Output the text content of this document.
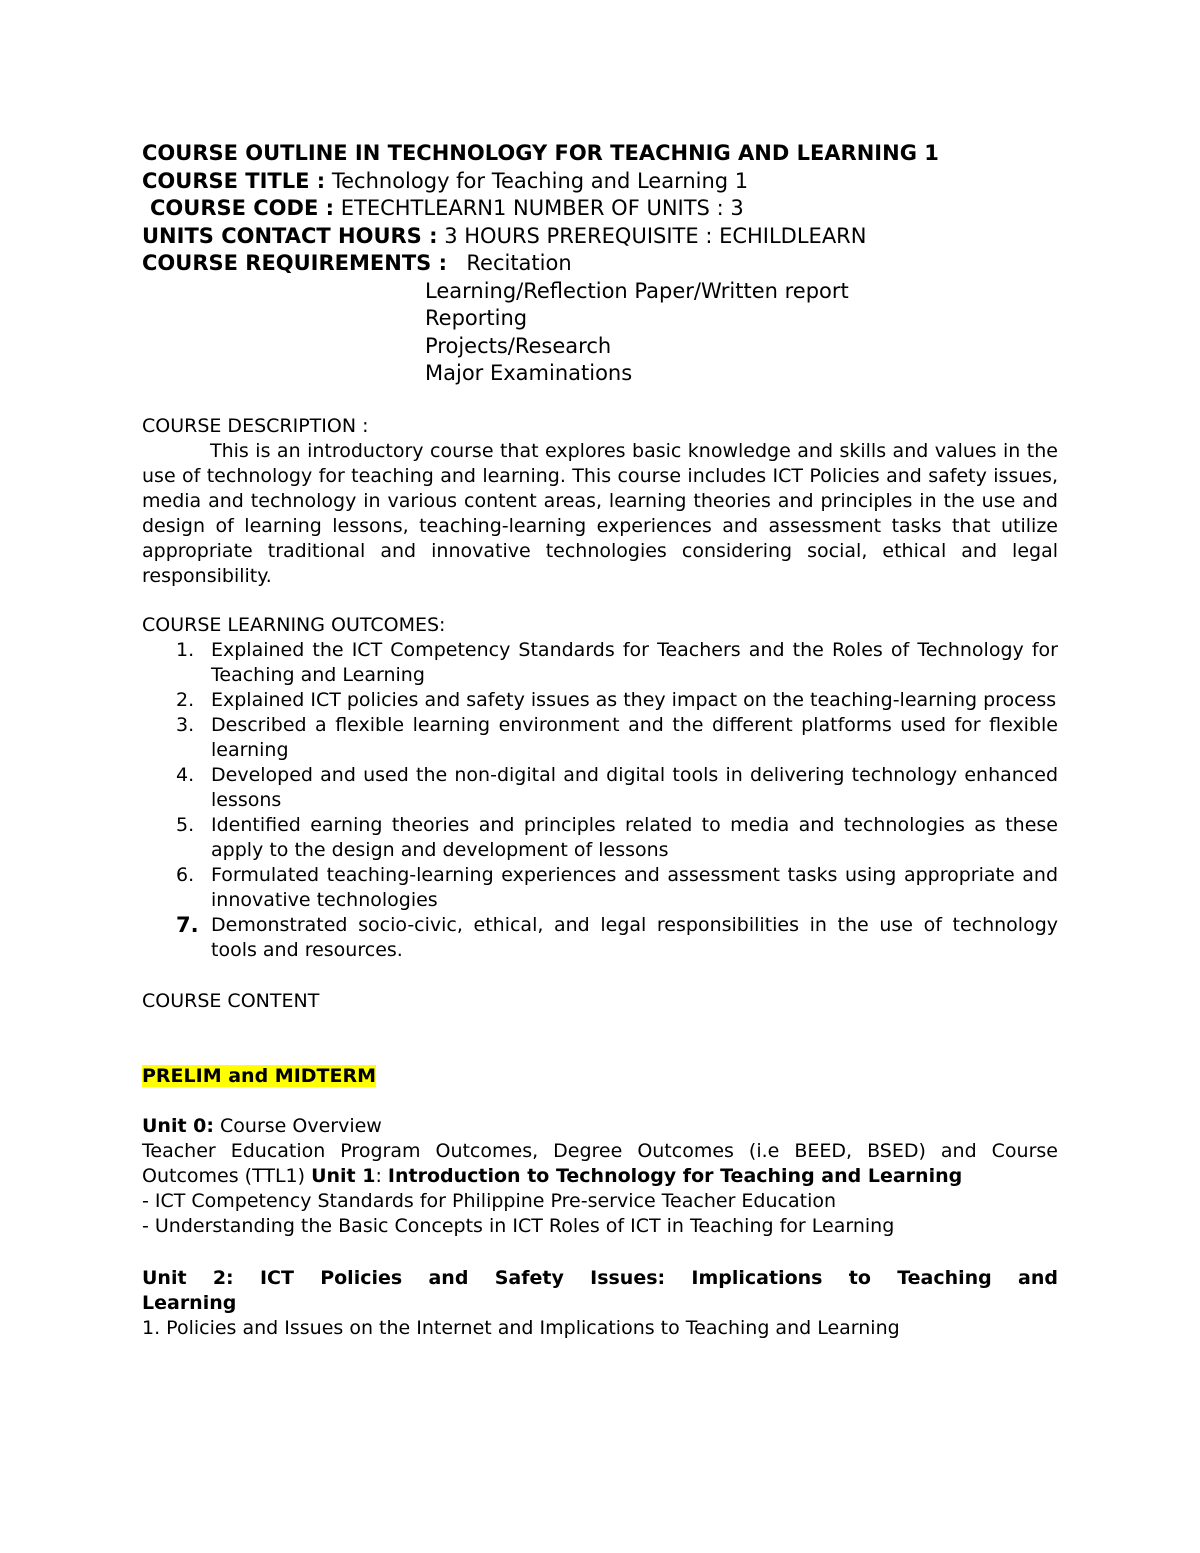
COURSE OUTLINE IN TECHNOLOGY FOR TEACHNIG AND LEARNING 1
COURSE TITLE : Technology for Teaching and Learning 1
COURSE CODE : ETECHTLEARN1 NUMBER OF UNITS : 3
UNITS CONTACT HOURS : 3 HOURS PREREQUISITE : ECHILDLEARN
COURSE REQUIREMENTS : Recitation
Learning/Reflection Paper/Written report
Reporting
Projects/Research
Major Examinations
COURSE DESCRIPTION :

This is an introductory course that explores basic knowledge and skills and values in the use of technology for teaching and learning. This course includes ICT Policies and safety issues, media and technology in various content areas, learning theories and principles in the use and design of learning lessons, teaching-learning experiences and assessment tasks that utilize appropriate traditional and innovative technologies considering social, ethical and legal responsibility.

COURSE LEARNING OUTCOMES:
1. Explained the ICT Competency Standards for Teachers and the Roles of Technology for Teaching and Learning
2. Explained ICT policies and safety issues as they impact on the teaching-learning process
3. Described a flexible learning environment and the different platforms used for flexible learning
4. Developed and used the non-digital and digital tools in delivering technology enhanced lessons
5. Identified earning theories and principles related to media and technologies as these apply to the design and development of lessons
6. Formulated teaching-learning experiences and assessment tasks using appropriate and innovative technologies
7. Demonstrated socio-civic, ethical, and legal responsibilities in the use of technology tools and resources.
COURSE CONTENT
PRELIM and MIDTERM
Unit 0: Course Overview

Teacher Education Program Outcomes, Degree Outcomes (i.e BEED, BSED) and Course Outcomes (TTL1) Unit 1: Introduction to Technology for Teaching and Learning

- ICT Competency Standards for Philippine Pre-service Teacher Education
- Understanding the Basic Concepts in ICT Roles of ICT in Teaching for Learning

Unit 2: ICT Policies and Safety Issues: Implications to Teaching and Learning

1. Policies and Issues on the Internet and Implications to Teaching and Learning
